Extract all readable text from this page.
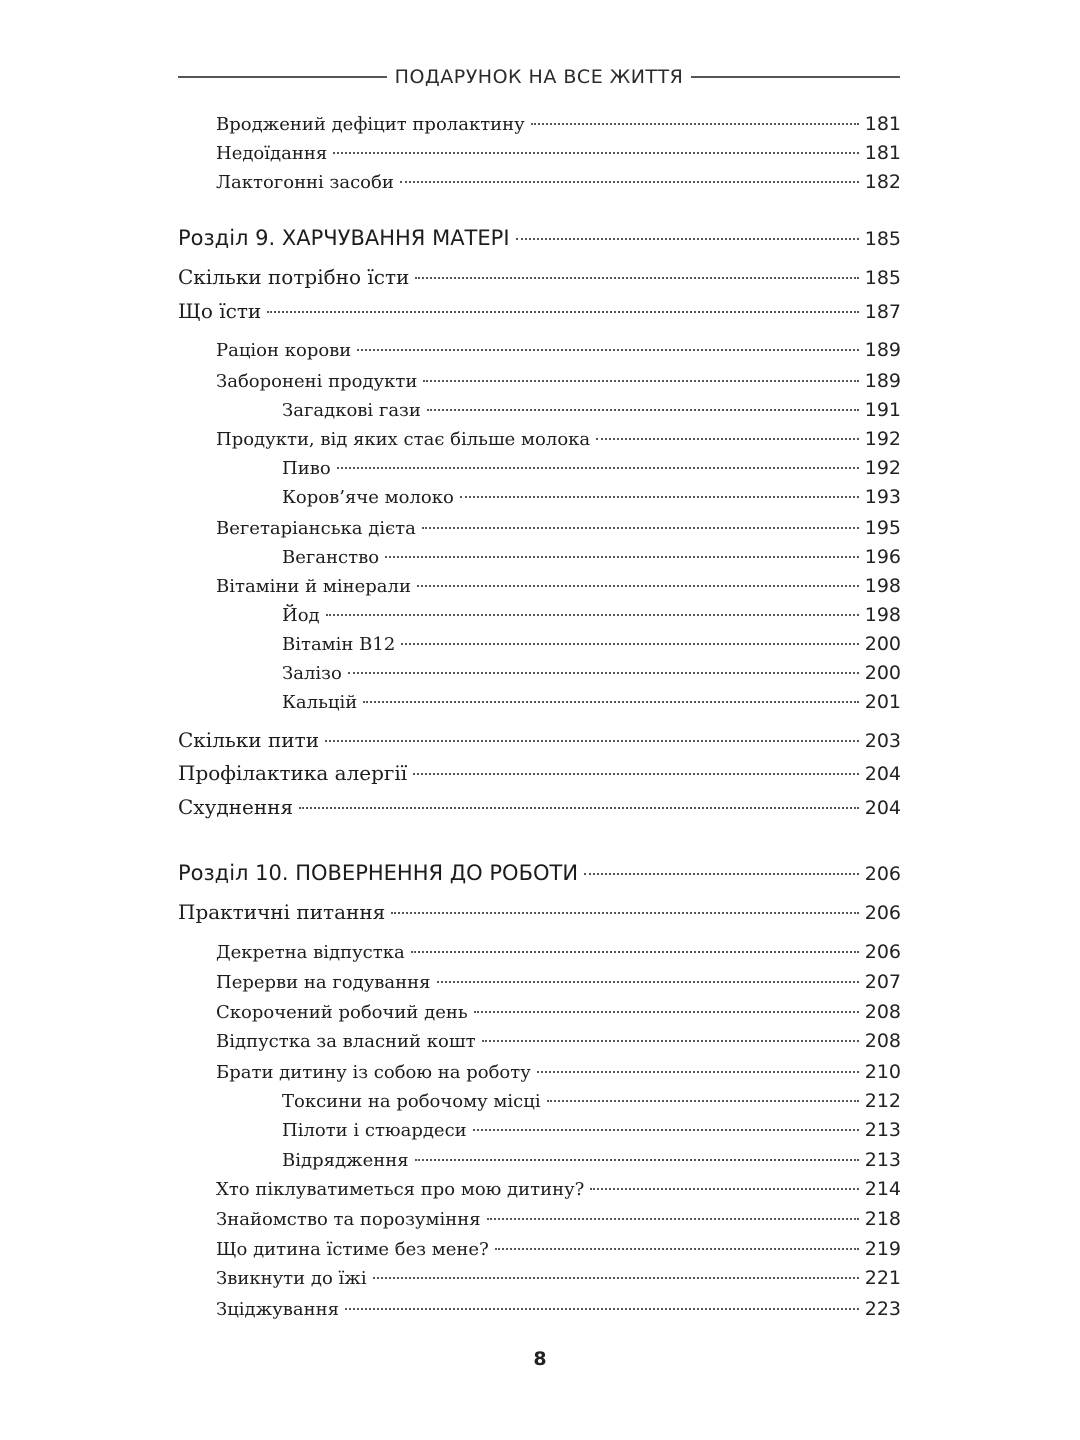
ПОДАРУНОК НА ВСЕ ЖИТТЯ
Вроджений дефіцит пролактину	181
Недоїдання	181
Лактогонні засоби	182
Розділ 9. ХАРЧУВАННЯ МАТЕРІ	185
Скільки потрібно їсти	185
Що їсти	187
Раціон корови	189
Заборонені продукти	189
Загадкові гази	191
Продукти, від яких стає більше молока	192
Пиво	192
Коров’яче молоко	193
Вегетаріанська дієта	195
Веганство	196
Вітаміни й мінерали	198
Йод	198
Вітамін В12	200
Залізо	200
Кальцій	201
Скільки пити	203
Профілактика алергії	204
Схуднення	204
Розділ 10. ПОВЕРНЕННЯ ДО РОБОТИ	206
Практичні питання	206
Декретна відпустка	206
Перерви на годування	207
Скорочений робочий день	208
Відпустка за власний кошт	208
Брати дитину із собою на роботу	210
Токсини на робочому місці	212
Пілоти і стюардеси	213
Відрядження	213
Хто піклуватиметься про мою дитину?	214
Знайомство та порозуміння	218
Що дитина їстиме без мене?	219
Звикнути до їжі	221
Зціджування	223
8
